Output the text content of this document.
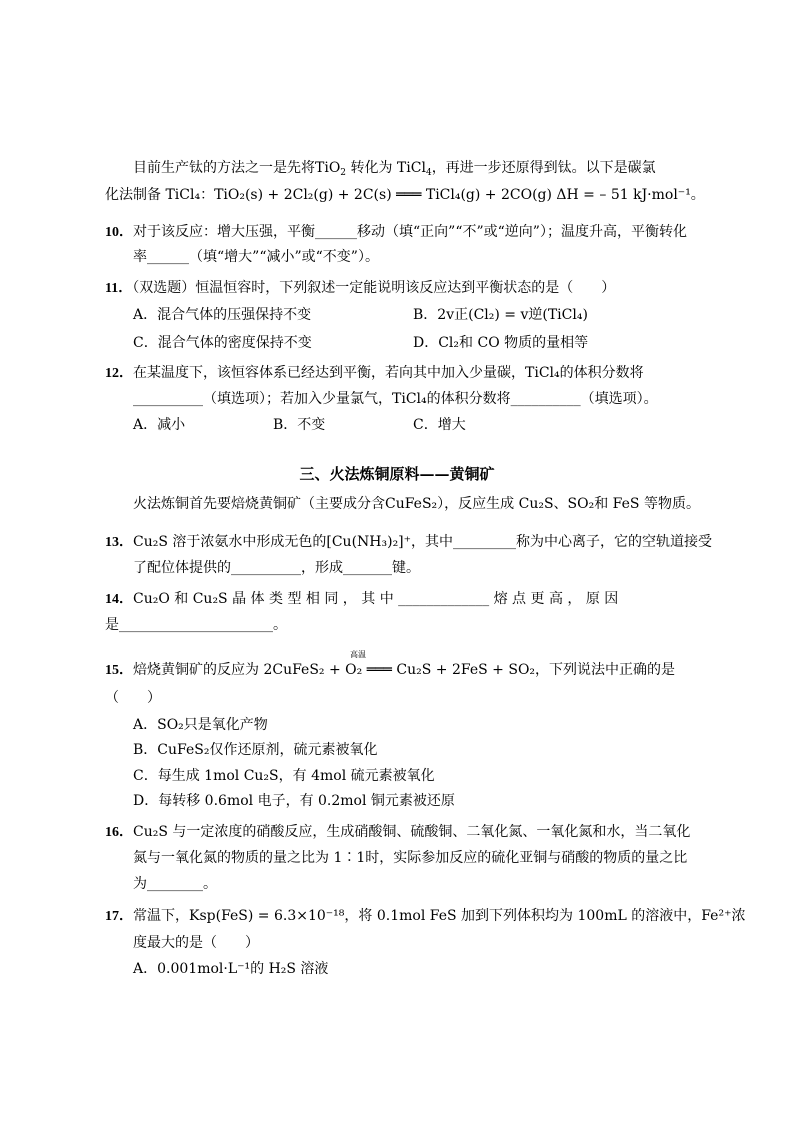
目前生产钛的方法之一是先将TiO$_2$ 转化为 TiCl$_4$，再进一步还原得到钛。以下是碳氯
化法制备 TiCl₄：TiO₂(s) + 2Cl₂(g) + 2C(s) ═══ TiCl₄(g) + 2CO(g) ΔH = – 51 kJ·mol⁻¹。
10．对于该反应：增大压强，平衡______移动（填“正向”“不”或“逆向”）；温度升高，平衡转化
率______（填“增大”“减小”或“不变”）。
11．（双选题）恒温恒容时，下列叙述一定能说明该反应达到平衡状态的是（　　）
A．混合气体的压强保持不变	B．2v正(Cl₂) = v逆(TiCl₄)
C．混合气体的密度保持不变	D．Cl₂和 CO 物质的量相等
12．在某温度下，该恒容体系已经达到平衡，若向其中加入少量碳，TiCl₄的体积分数将
__________（填选项）；若加入少量氯气，TiCl₄的体积分数将__________（填选项）。
A．减小	B．不变	C．增大
三、火法炼铜原料——黄铜矿
火法炼铜首先要焙烧黄铜矿（主要成分含CuFeS₂），反应生成 Cu₂S、SO₂和 FeS 等物质。
13．Cu₂S 溶于浓氨水中形成无色的[Cu(NH₃)₂]⁺，其中_________称为中心离子，它的空轨道接受
了配位体提供的__________，形成_______键。
14．Cu₂O 和 Cu₂S 晶 体 类 型 相 同 ， 其 中 _____________ 熔 点 更 高 ， 原 因
是______________________。
15．焙烧黄铜矿的反应为 2CuFeS₂ + O₂ ═══ Cu₂S + 2FeS + SO₂，下列说法中正确的是
高温
（　　）
A．SO₂只是氧化产物
B．CuFeS₂仅作还原剂，硫元素被氧化
C．每生成 1mol Cu₂S，有 4mol 硫元素被氧化
D．每转移 0.6mol 电子，有 0.2mol 铜元素被还原
16．Cu₂S 与一定浓度的硝酸反应，生成硝酸铜、硫酸铜、二氧化氮、一氧化氮和水，当二氧化
氮与一氧化氮的物质的量之比为 1∶1时，实际参加反应的硫化亚铜与硝酸的物质的量之比
为________。
17．常温下，Ksp(FeS) = 6.3×10⁻¹⁸，将 0.1mol FeS 加到下列体积均为 100mL 的溶液中，Fe²⁺浓
度最大的是（　　）
A．0.001mol·L⁻¹的 H₂S 溶液
